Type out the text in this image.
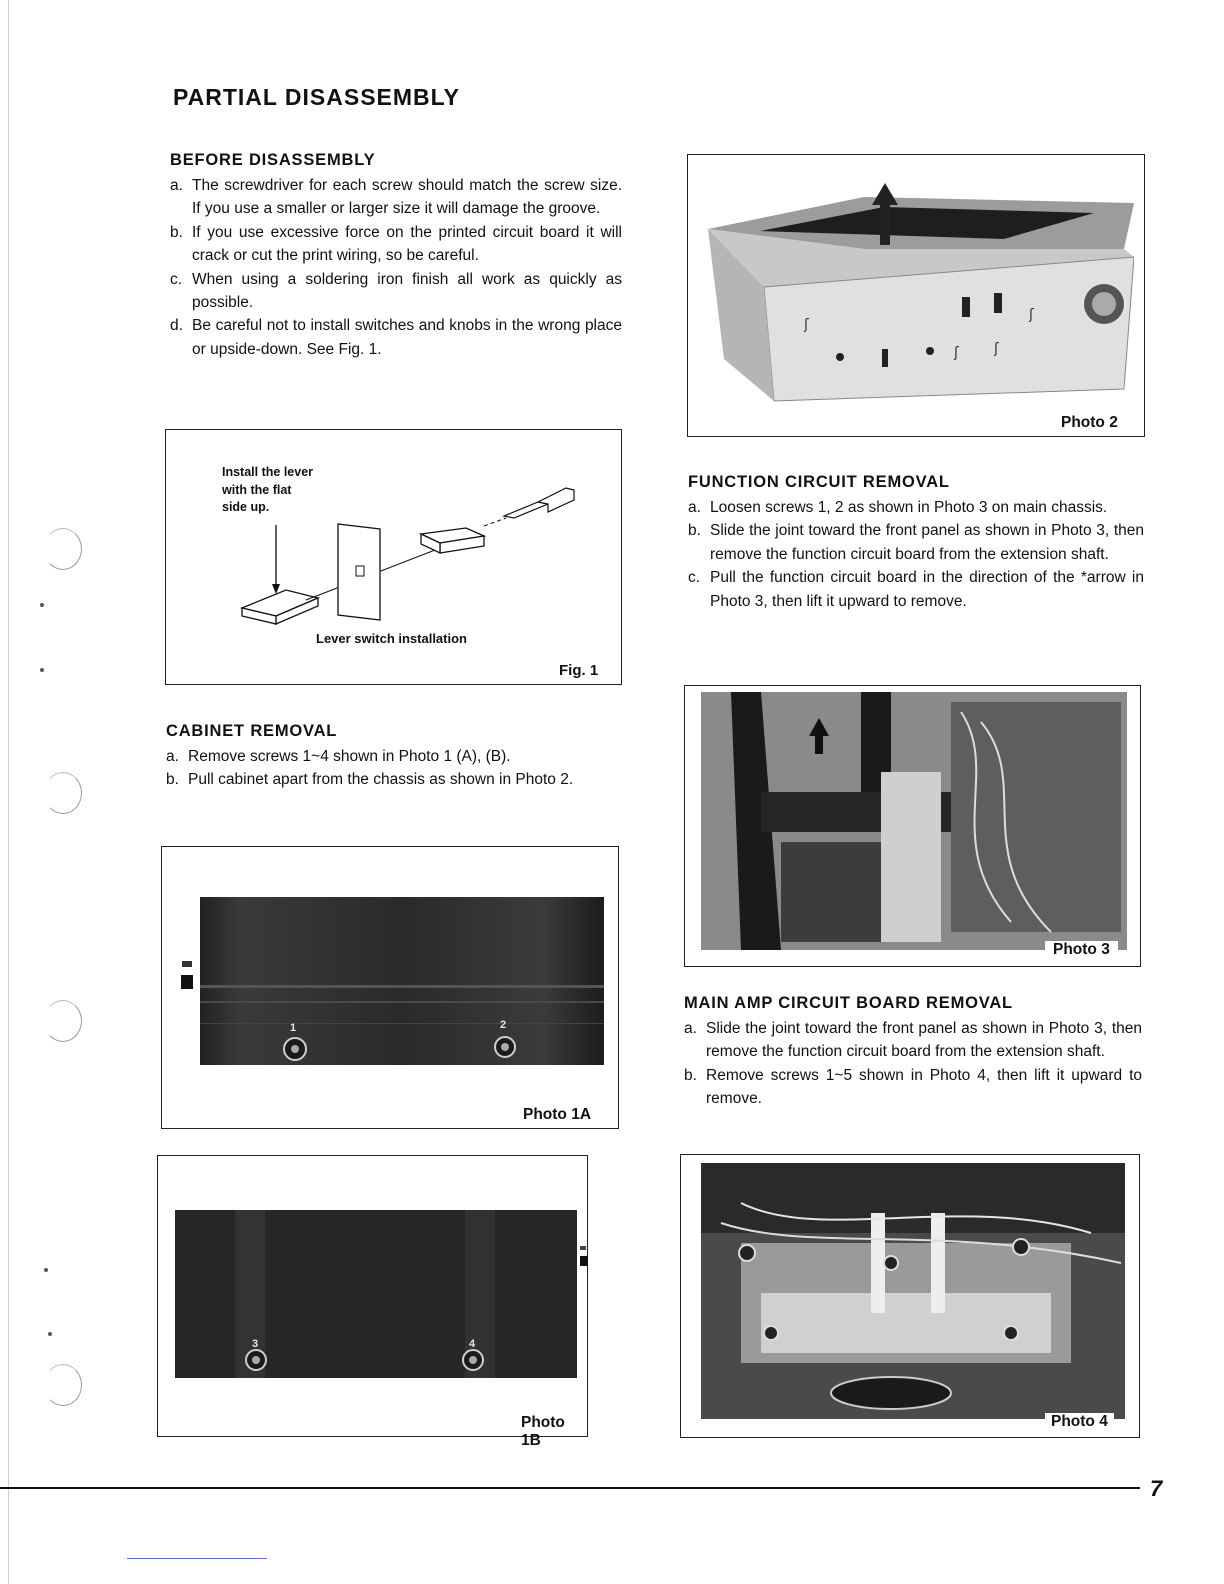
PARTIAL DISASSEMBLY
BEFORE DISASSEMBLY
a. The screwdriver for each screw should match the screw size. If you use a smaller or larger size it will damage the groove.
b. If you use excessive force on the printed circuit board it will crack or cut the print wiring, so be careful.
c. When using a soldering iron finish all work as quickly as possible.
d. Be careful not to install switches and knobs in the wrong place or upside-down. See Fig. 1.
Install the lever
with the flat
side up.
Lever switch installation
Fig. 1
CABINET REMOVAL
a. Remove screws 1~4 shown in Photo 1 (A), (B).
b. Pull cabinet apart from the chassis as shown in Photo 2.
1	2
Photo 1A
3	4
Photo 1B
ʃ
ʃ	ʃ
ʃ
Photo 2
FUNCTION CIRCUIT REMOVAL
a. Loosen screws 1, 2 as shown in Photo 3 on main chassis.
b. Slide the joint toward the front panel as shown in Photo 3, then remove the function circuit board from the extension shaft.
c. Pull the function circuit board in the direction of the *arrow in Photo 3, then lift it upward to remove.
Photo 3
MAIN AMP CIRCUIT BOARD REMOVAL
a. Slide the joint toward the front panel as shown in Photo 3, then remove the function circuit board from the extension shaft.
b. Remove screws 1~5 shown in Photo 4, then lift it upward to remove.
Photo 4
7
